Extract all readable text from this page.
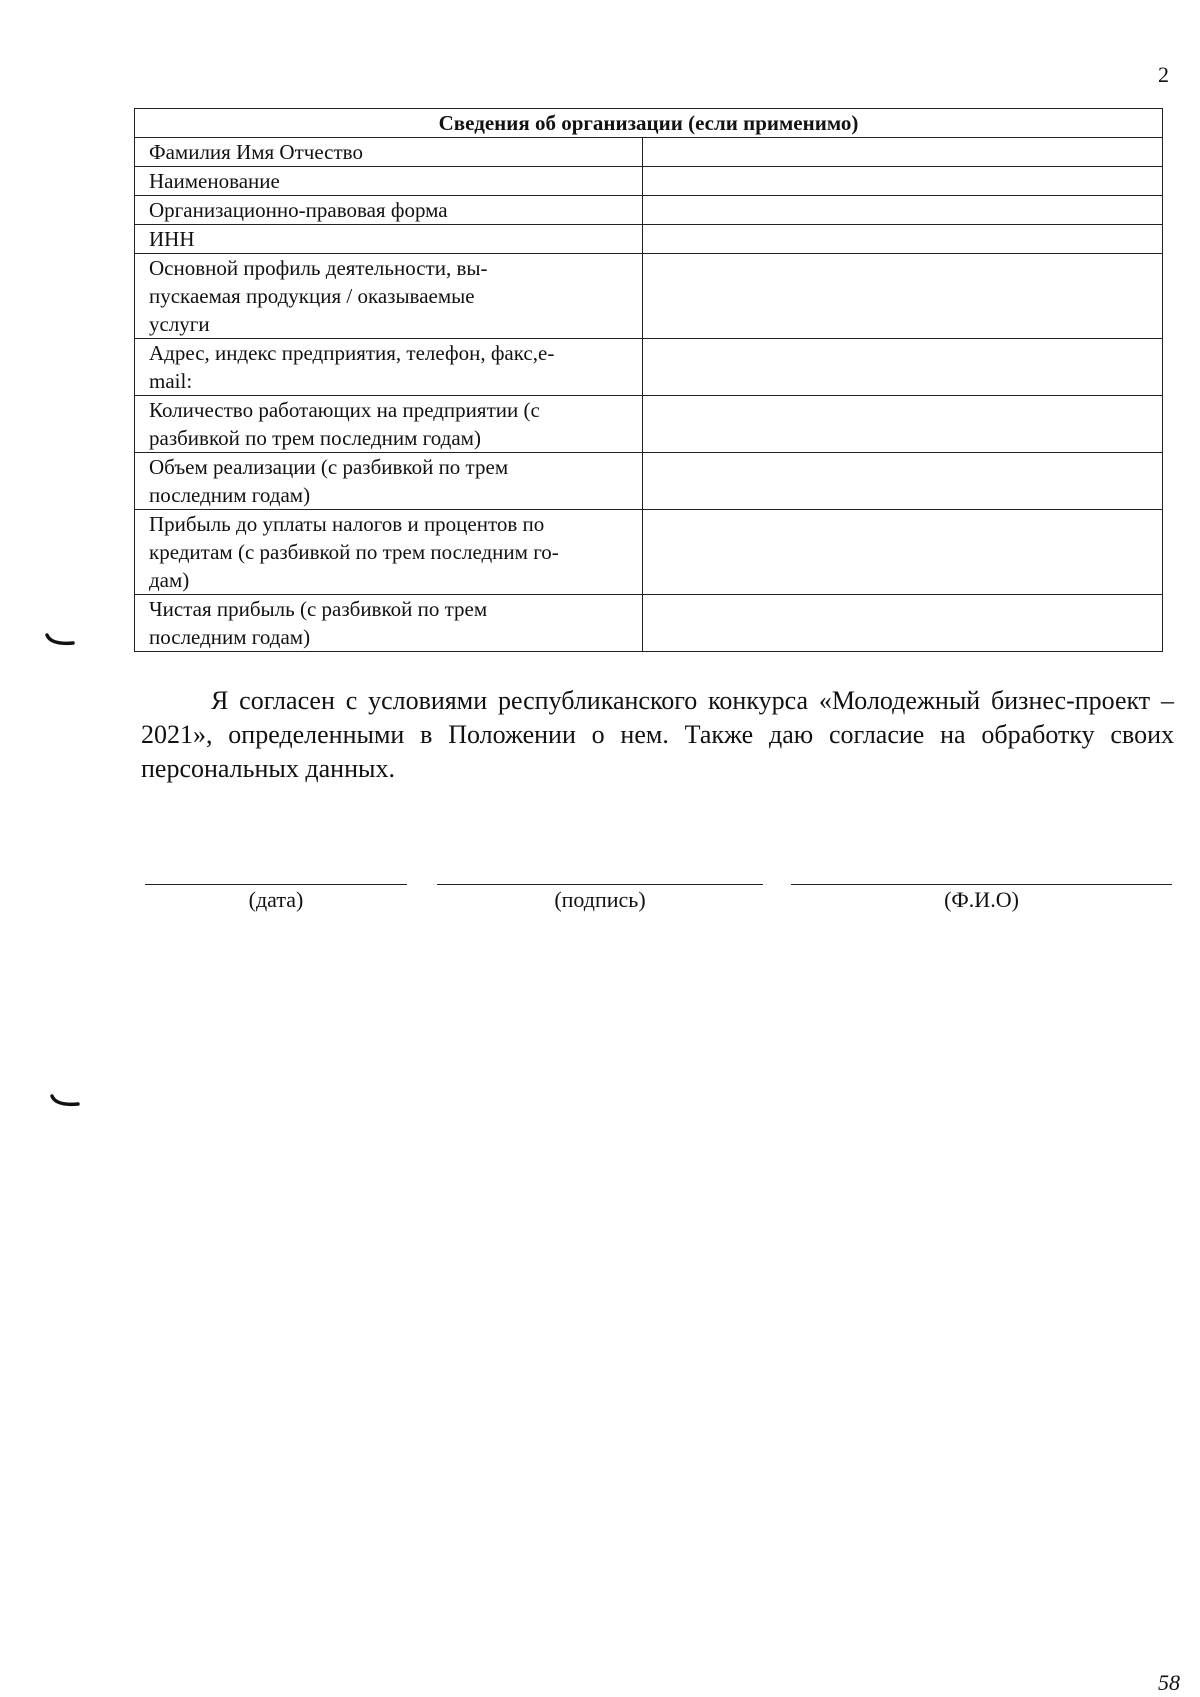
2
Сведения об организации (если применимо)	
Фамилия Имя Отчество	
Наименование	
Организационно-правовая форма	
ИНН	
Основной профиль деятельности, вы-
пускаемая продукция / оказываемые
услуги	
Адрес, индекс предприятия, телефон, факс,e-
mail:	
Количество работающих на предприятии (с
разбивкой по трем последним годам)	
Объем реализации (с разбивкой по трем
последним годам)	
Прибыль до уплаты налогов и процентов по
кредитам (с разбивкой по трем последним го-
дам)	
Чистая прибыль (с разбивкой по трем
последним годам)	
Я согласен с условиями республиканского конкурса «Молодежный бизнес-проект – 2021», определенными в Положении о нем. Также даю согласие на обработку своих персональных данных.
(дата)	(подпись)	(Ф.И.О)
58
